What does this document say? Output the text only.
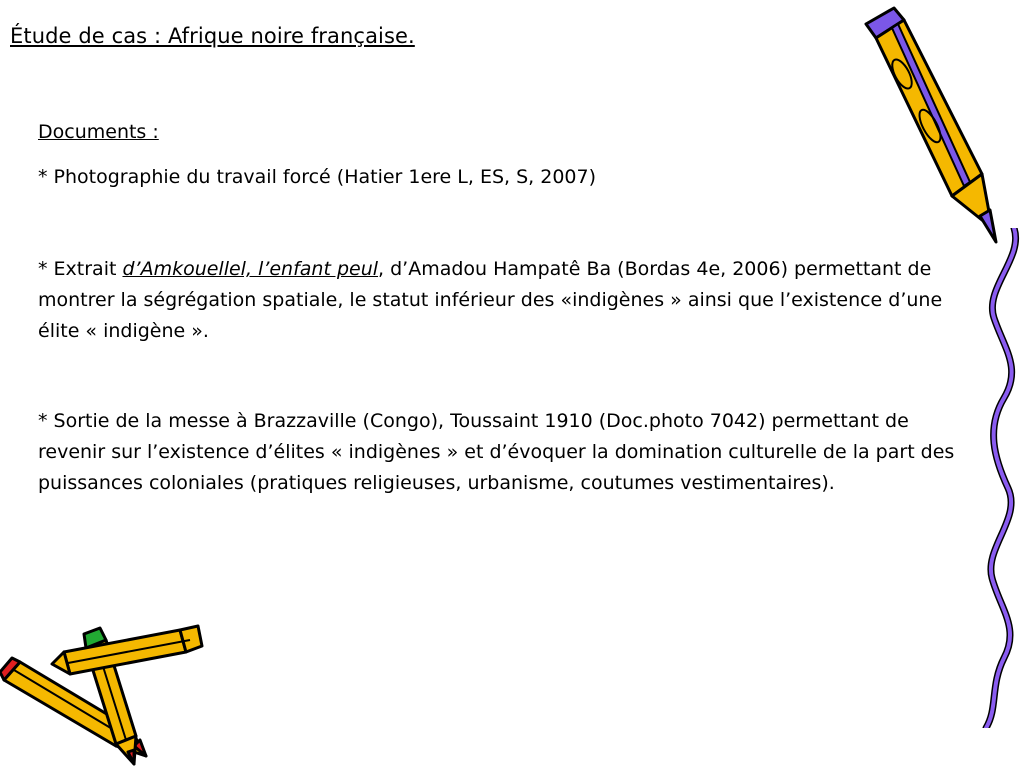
Étude de cas : Afrique noire française.
Documents :
* Photographie du travail forcé (Hatier 1ere L, ES, S, 2007)
* Extrait d’Amkouellel, l’enfant peul, d’Amadou Hampatê Ba (Bordas 4e, 2006) permettant de montrer la ségrégation spatiale, le statut inférieur des «indigènes » ainsi que l’existence d’une élite « indigène ».
* Sortie de la messe à Brazzaville (Congo), Toussaint 1910 (Doc.photo 7042) permettant de revenir sur l’existence d’élites « indigènes » et d’évoquer la domination culturelle de la part des puissances coloniales (pratiques religieuses, urbanisme, coutumes vestimentaires).
